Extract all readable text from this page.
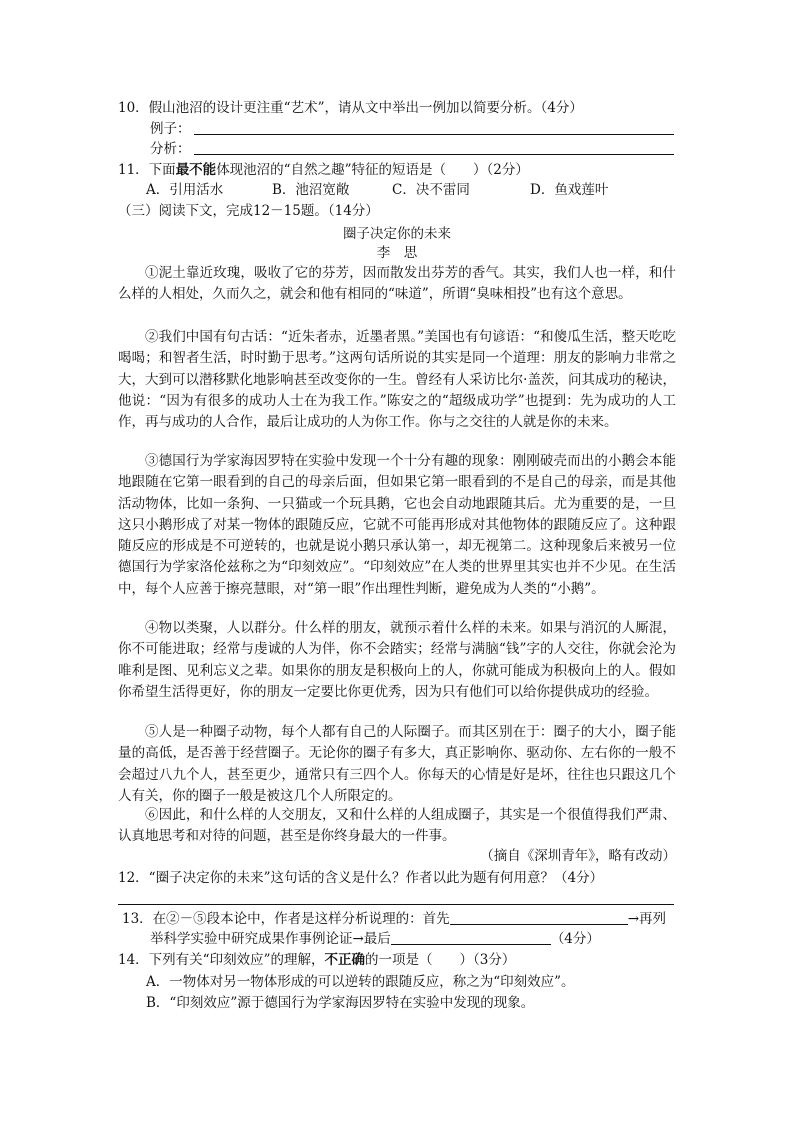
10．假山池沼的设计更注重“艺术”，请从文中举出一例加以简要分析。（4分）
例子：
分析：
11．下面最不能体现池沼的“自然之趣”特征的短语是（　　）（2分）
A．引用活水	B．池沼宽敞	C．决不雷同	D．鱼戏莲叶
（三）阅读下文，完成12－15题。（14分）
圈子决定你的未来
李　思
①泥土靠近玫瑰，吸收了它的芬芳，因而散发出芬芳的香气。其实，我们人也一样，和什么样的人相处，久而久之，就会和他有相同的“味道”，所谓“臭味相投”也有这个意思。
②我们中国有句古话：“近朱者赤，近墨者黑。”美国也有句谚语：“和傻瓜生活，整天吃吃喝喝；和智者生活，时时勤于思考。”这两句话所说的其实是同一个道理：朋友的影响力非常之大，大到可以潜移默化地影响甚至改变你的一生。曾经有人采访比尔·盖茨，问其成功的秘诀，他说：“因为有很多的成功人士在为我工作。”陈安之的“超级成功学”也提到：先为成功的人工作，再与成功的人合作，最后让成功的人为你工作。你与之交往的人就是你的未来。
③德国行为学家海因罗特在实验中发现一个十分有趣的现象：刚刚破壳而出的小鹅会本能地跟随在它第一眼看到的自己的母亲后面，但如果它第一眼看到的不是自己的母亲，而是其他活动物体，比如一条狗、一只猫或一个玩具鹅，它也会自动地跟随其后。尤为重要的是，一旦这只小鹅形成了对某一物体的跟随反应，它就不可能再形成对其他物体的跟随反应了。这种跟随反应的形成是不可逆转的，也就是说小鹅只承认第一，却无视第二。这种现象后来被另一位德国行为学家洛伦兹称之为“印刻效应”。“印刻效应”在人类的世界里其实也并不少见。在生活中，每个人应善于擦亮慧眼，对“第一眼”作出理性判断，避免成为人类的“小鹅”。
④物以类聚，人以群分。什么样的朋友，就预示着什么样的未来。如果与消沉的人厮混，你不可能进取；经常与虔诚的人为伴，你不会踏实；经常与满脑“钱”字的人交往，你就会沦为唯利是图、见利忘义之辈。如果你的朋友是积极向上的人，你就可能成为积极向上的人。假如你希望生活得更好，你的朋友一定要比你更优秀，因为只有他们可以给你提供成功的经验。
⑤人是一种圈子动物，每个人都有自己的人际圈子。而其区别在于：圈子的大小，圈子能量的高低，是否善于经营圈子。无论你的圈子有多大，真正影响你、驱动你、左右你的一般不会超过八九个人，甚至更少，通常只有三四个人。你每天的心情是好是坏，往往也只跟这几个人有关，你的圈子一般是被这几个人所限定的。
⑥因此，和什么样的人交朋友，又和什么样的人组成圈子，其实是一个很值得我们严肃、认真地思考和对待的问题，甚至是你终身最大的一件事。
（摘自《深圳青年》，略有改动）
12．“圈子决定你的未来”这句话的含义是什么？作者以此为题有何用意？（4分）
13．在②－⑤段本论中，作者是这样分析说理的：首先	→再列
举科学实验中研究成果作事例论证→最后	（4分）
14．下列有关“印刻效应”的理解，不正确的一项是（　　）（3分）
A．一物体对另一物体形成的可以逆转的跟随反应，称之为“印刻效应”。
B．“印刻效应”源于德国行为学家海因罗特在实验中发现的现象。
